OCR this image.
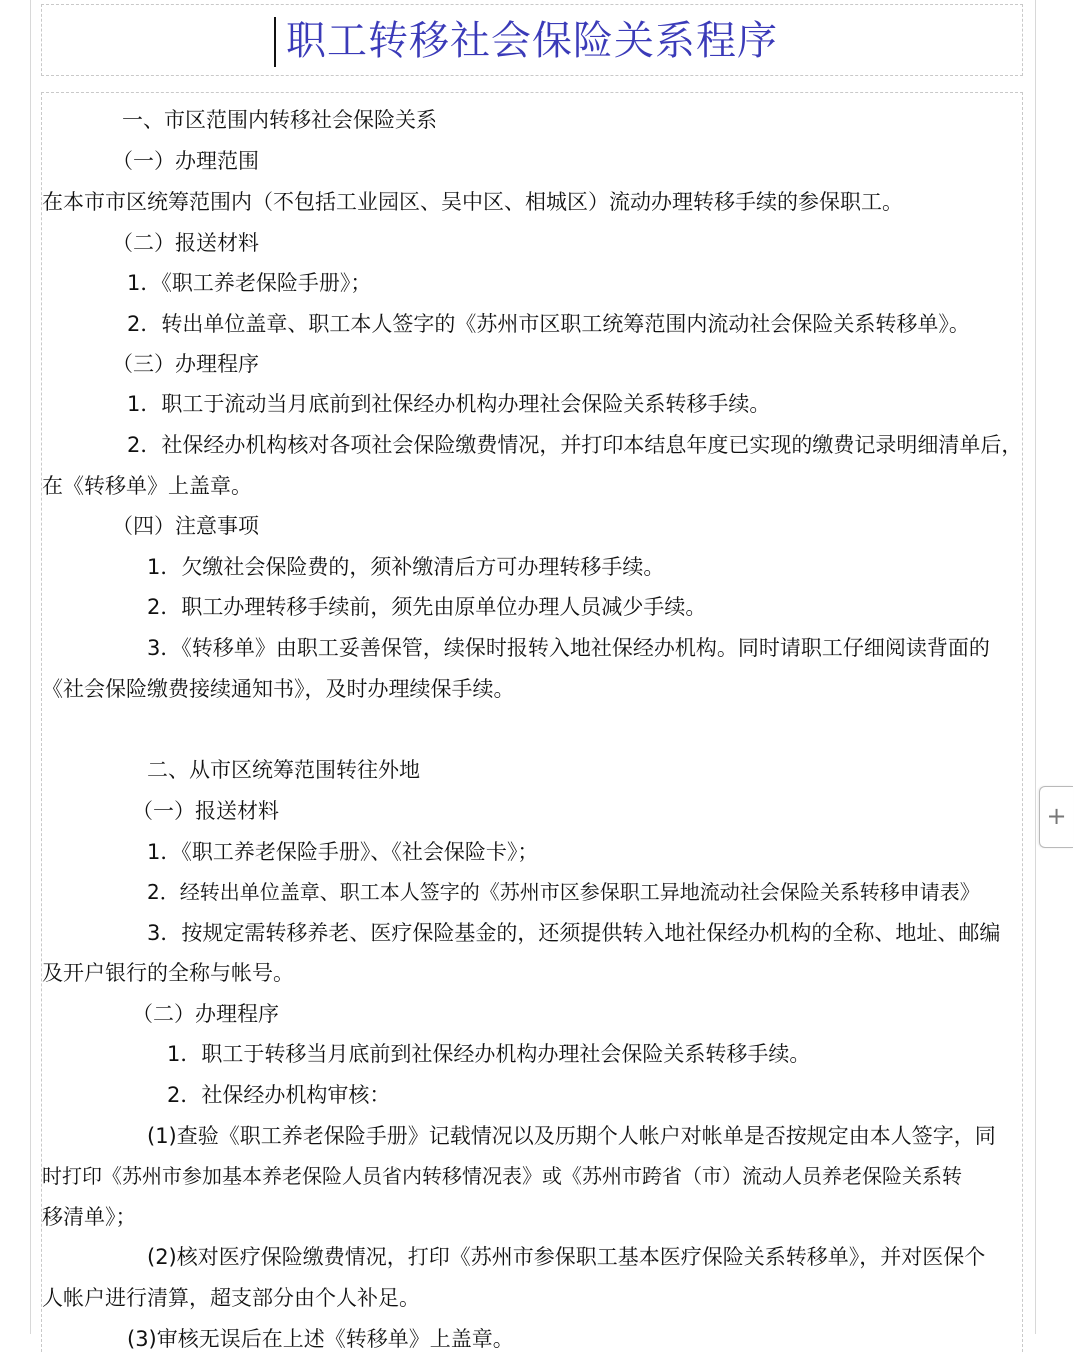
职工转移社会保险关系程序
一、市区范围内转移社会保险关系
（一）办理范围
在本市市区统筹范围内（不包括工业园区、吴中区、相城区）流动办理转移手续的参保职工。
（二）报送材料
1．《职工养老保险手册》；
2．转出单位盖章、职工本人签字的《苏州市区职工统筹范围内流动社会保险关系转移单》。
（三）办理程序
1．职工于流动当月底前到社保经办机构办理社会保险关系转移手续。
2．社保经办机构核对各项社会保险缴费情况，并打印本结息年度已实现的缴费记录明细清单后，
在《转移单》上盖章。
（四）注意事项
1．欠缴社会保险费的，须补缴清后方可办理转移手续。
2．职工办理转移手续前，须先由原单位办理人员减少手续。
3．《转移单》由职工妥善保管，续保时报转入地社保经办机构。同时请职工仔细阅读背面的
《社会保险缴费接续通知书》，及时办理续保手续。
二、从市区统筹范围转往外地
（一）报送材料
1．《职工养老保险手册》、《社会保险卡》；
2．经转出单位盖章、职工本人签字的《苏州市区参保职工异地流动社会保险关系转移申请表》
3．按规定需转移养老、医疗保险基金的，还须提供转入地社保经办机构的全称、地址、邮编
及开户银行的全称与帐号。
（二）办理程序
1．职工于转移当月底前到社保经办机构办理社会保险关系转移手续。
2．社保经办机构审核：
(1)查验《职工养老保险手册》记载情况以及历期个人帐户对帐单是否按规定由本人签字，同
时打印《苏州市参加基本养老保险人员省内转移情况表》或《苏州市跨省（市）流动人员养老保险关系转
移清单》；
(2)核对医疗保险缴费情况，打印《苏州市参保职工基本医疗保险关系转移单》，并对医保个
人帐户进行清算，超支部分由个人补足。
(3)审核无误后在上述《转移单》上盖章。
+
